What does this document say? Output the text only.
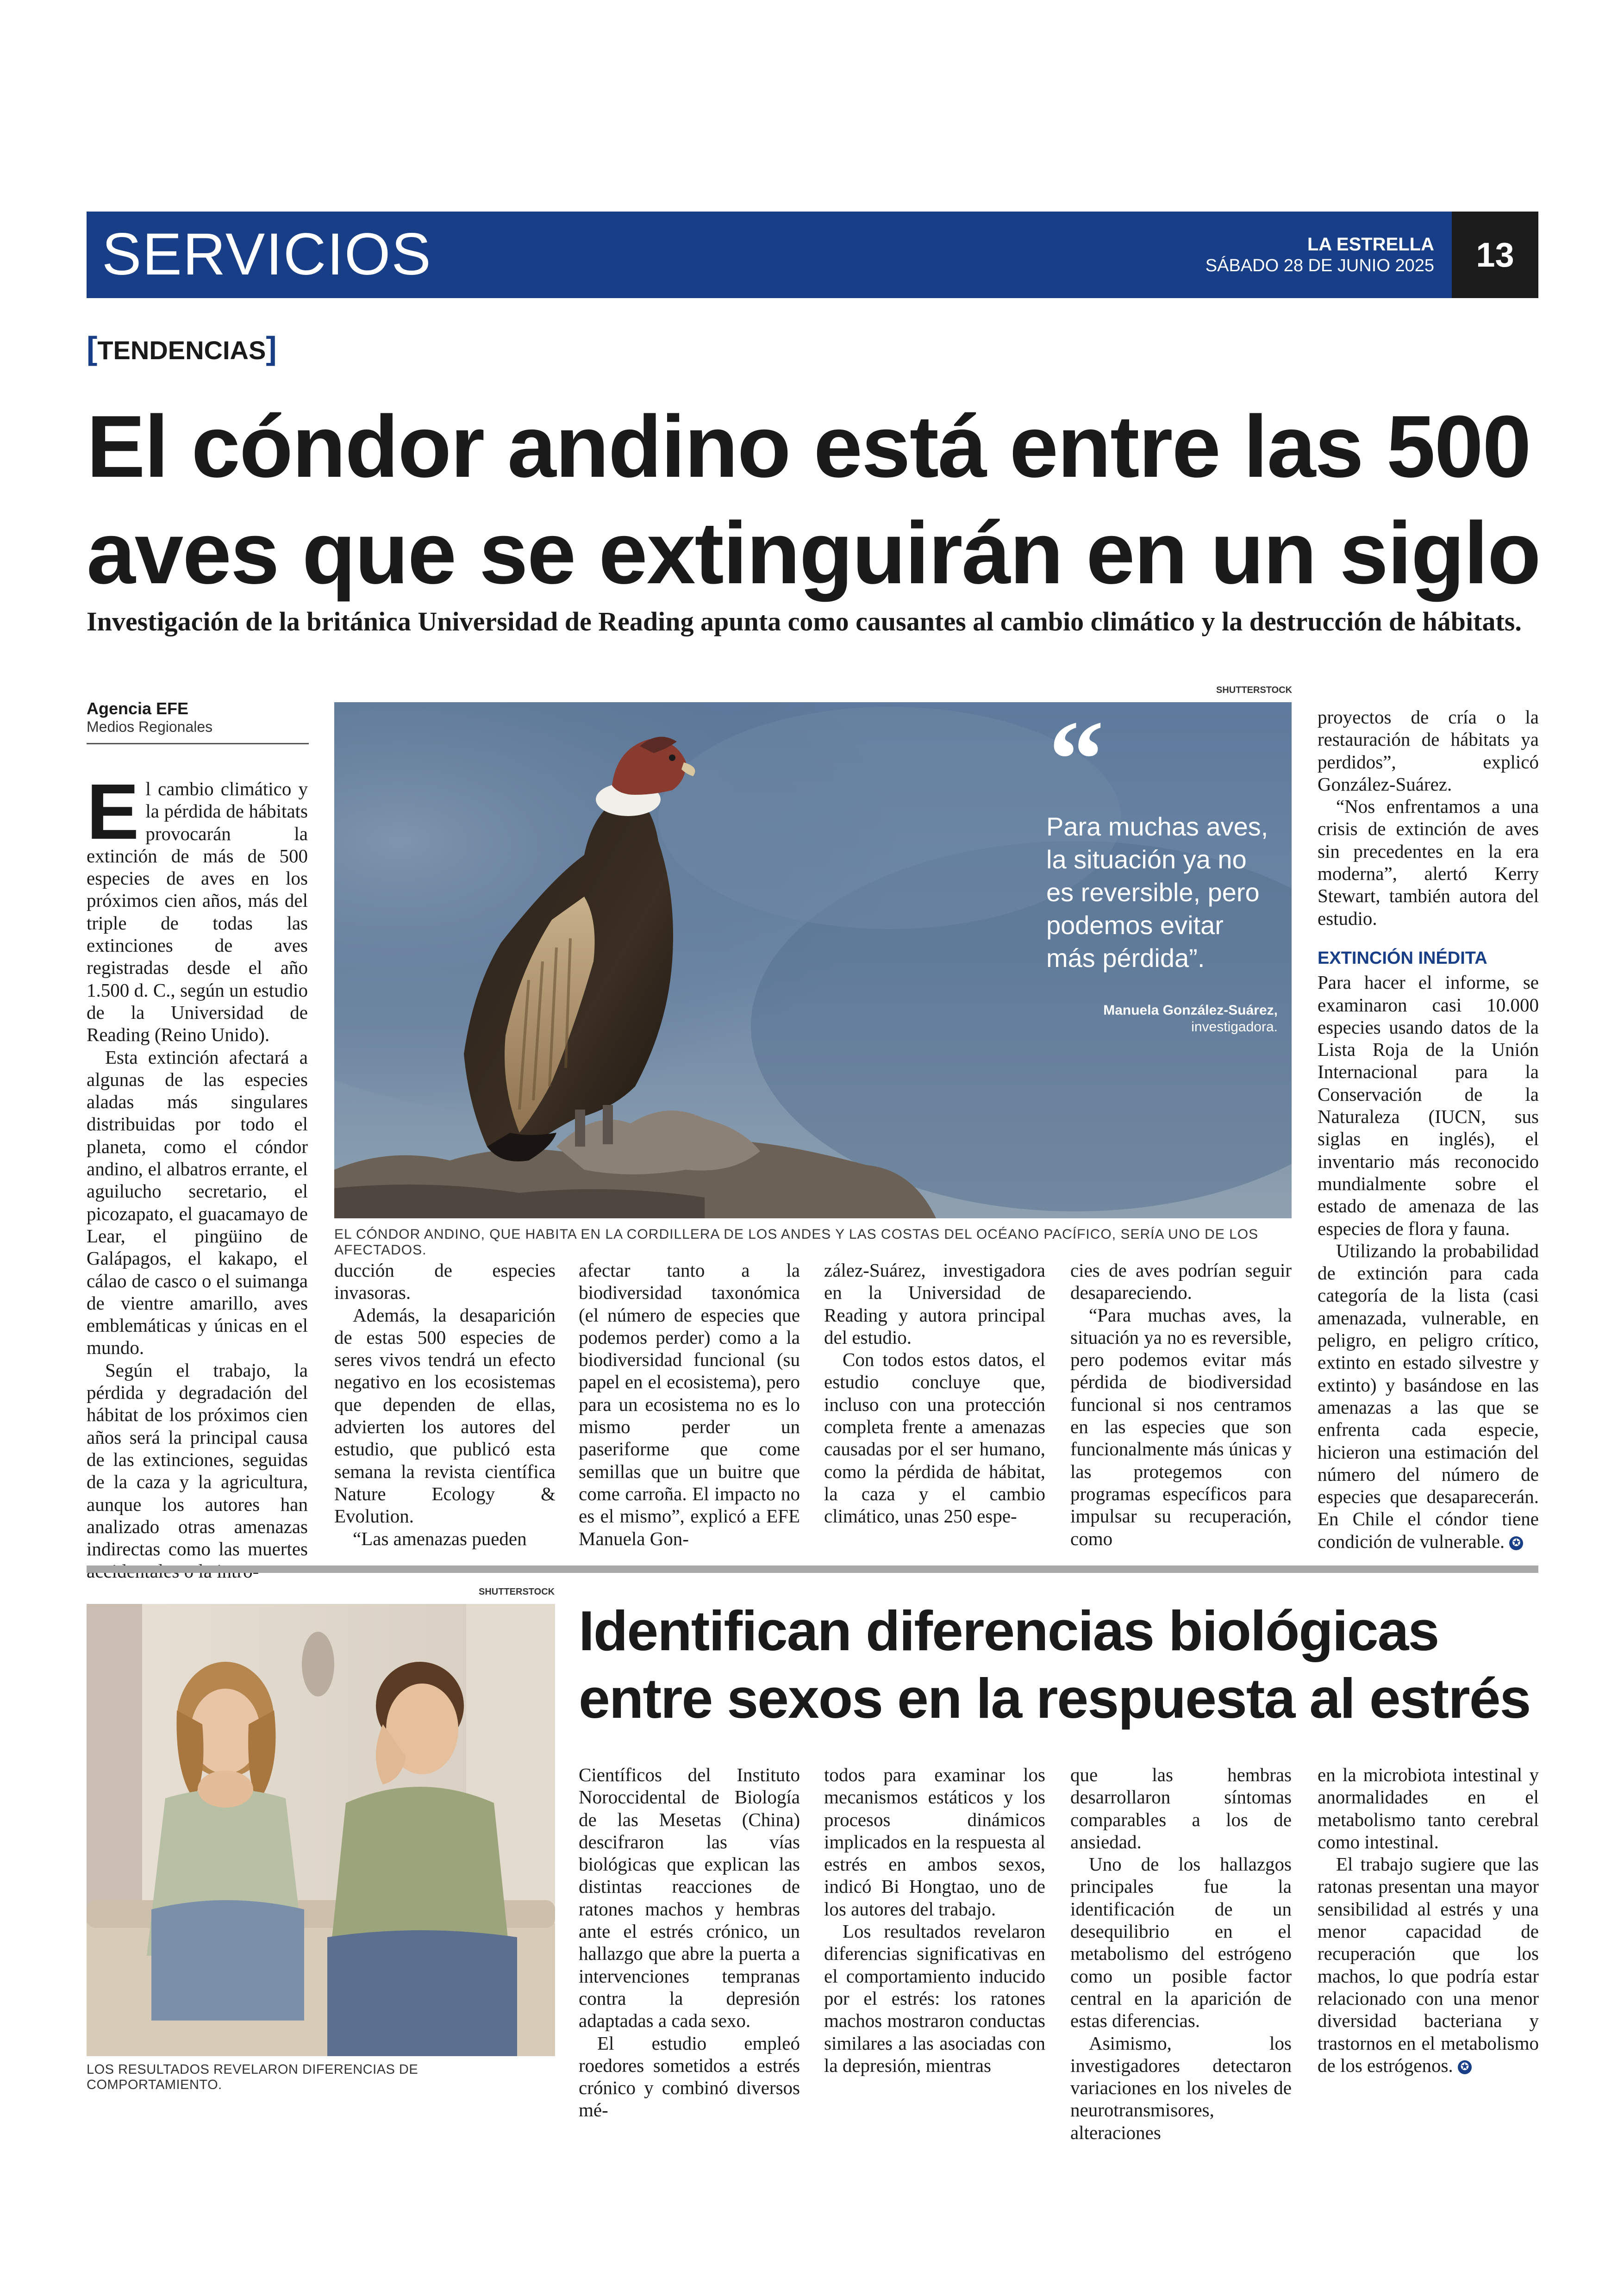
SERVICIOS	LA ESTRELLA
SÁBADO 28 DE JUNIO 2025	13
[TENDENCIAS]
El cóndor andino está entre las 500
aves que se extinguirán en un siglo
Investigación de la británica Universidad de Reading apunta como causantes al cambio climático y la destrucción de hábitats.
Agencia EFE
Medios Regionales

El cambio climático y la pérdida de hábitats provocarán la extinción de más de 500 especies de aves en los próximos cien años, más del triple de todas las extinciones de aves registradas desde el año 1.500 d. C., según un estudio de la Universidad de Reading (Reino Unido).

Esta extinción afectará a algunas de las especies aladas más singulares distribuidas por todo el planeta, como el cóndor andino, el albatros errante, el aguilucho secretario, el picozapato, el guacamayo de Lear, el pingüino de Galápagos, el kakapo, el cálao de casco o el suimanga de vientre amarillo, aves emblemáticas y únicas en el mundo.

Según el trabajo, la pérdida y degradación del hábitat de los próximos cien años será la principal causa de las extinciones, seguidas de la caza y la agricultura, aunque los autores han analizado otras amenazas indirectas como las muertes

SHUTTERSTOCK
“
Para muchas aves, la situación ya no es reversible, pero podemos evitar más pérdida”.
Manuela González-Suárez,
investigadora.
EL CÓNDOR ANDINO, QUE HABITA EN LA CORDILLERA DE LOS ANDES Y LAS COSTAS DEL OCÉANO PACÍFICO, SERÍA UNO DE LOS AFECTADOS.

ducción de especies invasoras.

Además, la desaparición de estas 500 especies de seres vivos tendrá un efecto negativo en los ecosistemas que dependen de ellas, advierten los autores del estudio, que publicó esta semana la revista científica Nature Ecology & Evolution.

“Las amenazas pueden

afectar tanto a la biodiversidad taxonómica (el número de especies que podemos perder) como a la biodiversidad funcional (su papel en el ecosistema), pero para un ecosistema no es lo mismo perder un paseriforme que come semillas que un buitre que come carroña. El impacto no es el mismo”, explicó a EFE Manuela Gon-

zález-Suárez, investigadora en la Universidad de Reading y autora principal del estudio.

Con todos estos datos, el estudio concluye que, incluso con una protección completa frente a amenazas causadas por el ser humano, como la pérdida de hábitat, la caza y el cambio climático, unas 250 espe-

cies de aves podrían seguir desapareciendo.

“Para muchas aves, la situación ya no es reversible, pero podemos evitar más pérdida de biodiversidad funcional si nos centramos en las especies que son funcionalmente más únicas y las protegemos con programas específicos para impulsar su recuperación, como

proyectos de cría o la restauración de hábitats ya perdidos”, explicó González-Suárez.

“Nos enfrentamos a una crisis de extinción de aves sin precedentes en la era moderna”, alertó Kerry Stewart, también autora del estudio.

EXTINCIÓN INÉDITA

Para hacer el informe, se examinaron casi 10.000 especies usando datos de la Lista Roja de la Unión Internacional para la Conservación de la Naturaleza (IUCN, sus siglas en inglés), el inventario más reconocido mundialmente sobre el estado de amenaza de las especies de flora y fauna.

Utilizando la probabilidad de extinción para cada categoría de la lista (casi amenazada, vulnerable, en peligro, en peligro crítico, extinto en estado silvestre y extinto) y basándose en las amenazas a las que se enfrenta cada especie, hicieron una estimación del número del número de especies que desaparecerán. En Chile el cóndor tiene condición de vulnerable. ✪

SHUTTERSTOCK
LOS RESULTADOS REVELARON DIFERENCIAS DE COMPORTAMIENTO.
Identifican diferencias biológicas
entre sexos en la respuesta al estrés

Científicos del Instituto Noroccidental de Biología de las Mesetas (China) descifraron las vías biológicas que explican las distintas reacciones de ratones machos y hembras ante el estrés crónico, un hallazgo que abre la puerta a intervenciones tempranas contra la depresión adaptadas a cada sexo.

El estudio empleó roedores sometidos a estrés crónico y combinó diversos mé-

todos para examinar los mecanismos estáticos y los procesos dinámicos implicados en la respuesta al estrés en ambos sexos, indicó Bi Hongtao, uno de los autores del trabajo.

Los resultados revelaron diferencias significativas en el comportamiento inducido por el estrés: los ratones machos mostraron conductas similares a las asociadas con la depresión, mientras

que las hembras desarrollaron síntomas comparables a los de ansiedad.

Uno de los hallazgos principales fue la identificación de un desequilibrio en el metabolismo del estrógeno como un posible factor central en la aparición de estas diferencias.

Asimismo, los investigadores detectaron variaciones en los niveles de neurotransmisores, alteraciones

en la microbiota intestinal y anormalidades en el metabolismo tanto cerebral como intestinal.

El trabajo sugiere que las ratonas presentan una mayor sensibilidad al estrés y una menor capacidad de recuperación que los machos, lo que podría estar relacionado con una menor diversidad bacteriana y trastornos en el metabolismo de los estrógenos. ✪
